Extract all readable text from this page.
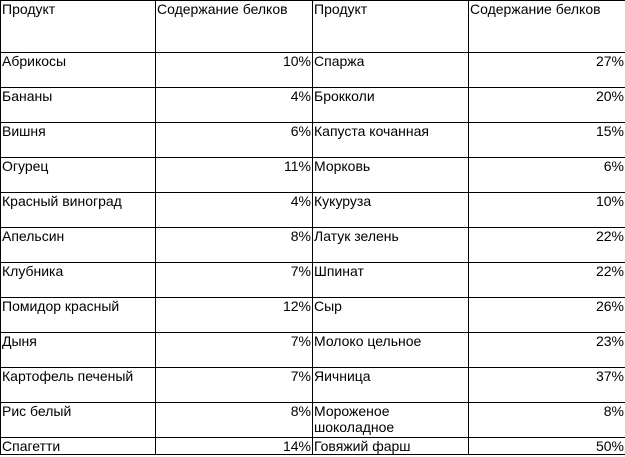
Продукт	Содержание белков	Продукт	Содержание белков
Абрикосы	10%	Спаржа	27%
Бананы	4%	Брокколи	20%
Вишня	6%	Капуста кочанная	15%
Огурец	11%	Морковь	6%
Красный виноград	4%	Кукуруза	10%
Апельсин	8%	Латук зелень	22%
Клубника	7%	Шпинат	22%
Помидор красный	12%	Сыр	26%
Дыня	7%	Молоко цельное	23%
Картофель печеный	7%	Яичница	37%
Рис белый	8%	Мороженое шоколадное	8%
Спагетти	14%	Говяжий фарш	50%
